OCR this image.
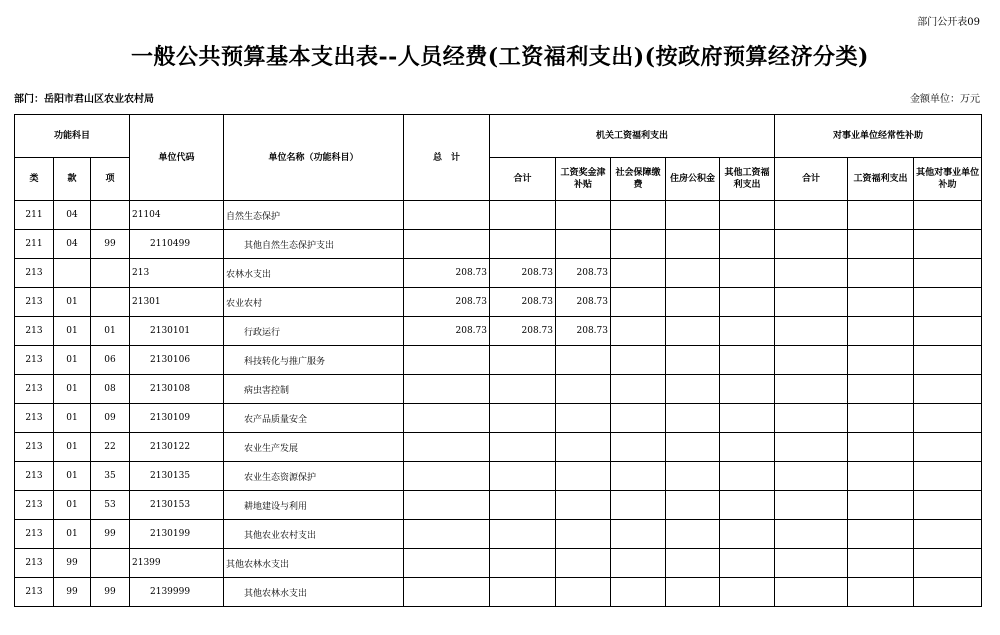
部门公开表09
一般公共预算基本支出表--人员经费(工资福利支出)(按政府预算经济分类)
部门：岳阳市君山区农业农村局	金额单位：万元
功能科目			单位代码	单位名称（功能科目）	总　计	机关工资福利支出					对事业单位经常性补助		
类	款	项				合计	工资奖金津补贴	社会保障缴费	住房公积金	其他工资福利支出	合计	工资福利支出	其他对事业单位补助
211	04		21104	自然生态保护									
211	04	99	2110499	其他自然生态保护支出									
213			213	农林水支出	208.73	208.73	208.73						
213	01		21301	农业农村	208.73	208.73	208.73						
213	01	01	2130101	行政运行	208.73	208.73	208.73						
213	01	06	2130106	科技转化与推广服务									
213	01	08	2130108	病虫害控制									
213	01	09	2130109	农产品质量安全									
213	01	22	2130122	农业生产发展									
213	01	35	2130135	农业生态资源保护									
213	01	53	2130153	耕地建设与利用									
213	01	99	2130199	其他农业农村支出									
213	99		21399	其他农林水支出									
213	99	99	2139999	其他农林水支出									
